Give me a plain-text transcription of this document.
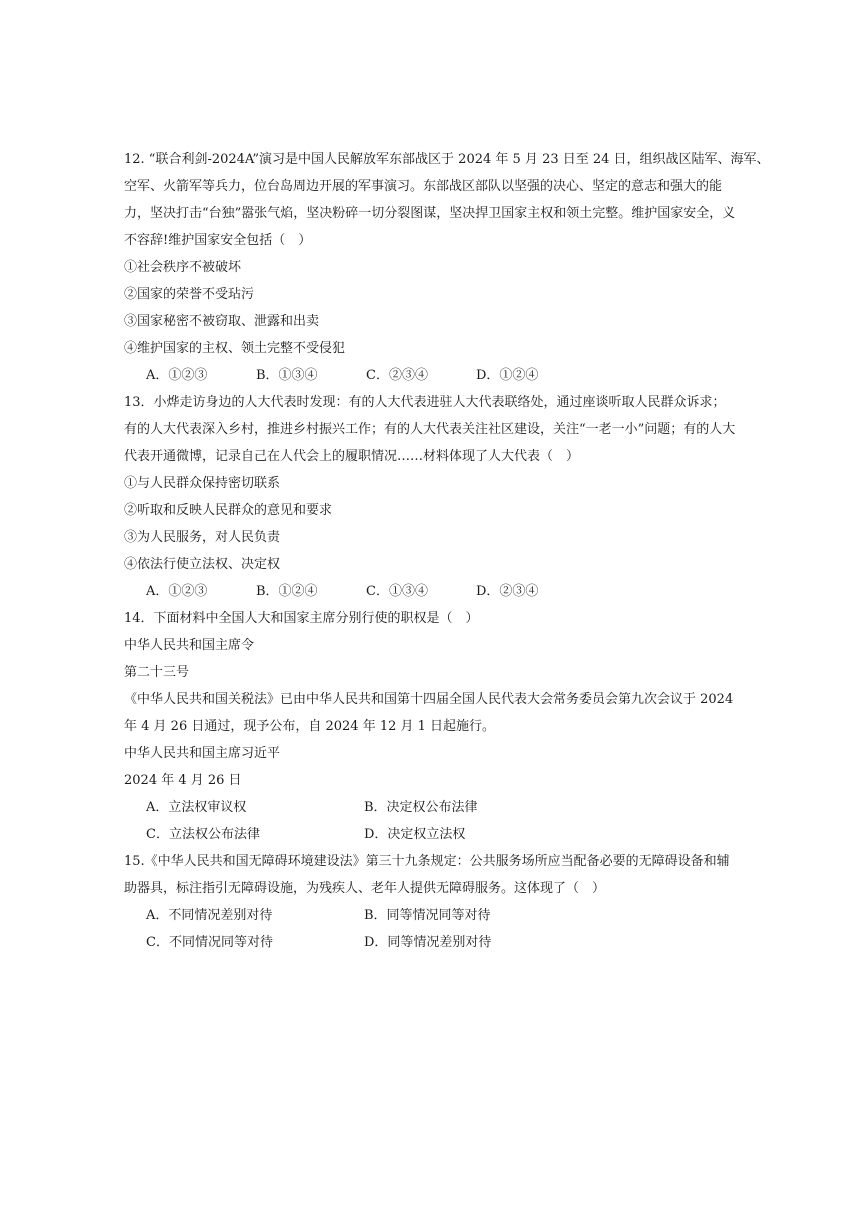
12. “联合利剑-2024A”演习是中国人民解放军东部战区于 2024 年 5 月 23 日至 24 日，组织战区陆军、海军、
空军、火箭军等兵力，位台岛周边开展的军事演习。东部战区部队以坚强的决心、坚定的意志和强大的能
力，坚决打击“台独”嚣张气焰，坚决粉碎一切分裂图谋，坚决捍卫国家主权和领土完整。维护国家安全，义
不容辞!维护国家安全包括（　）
①社会秩序不被破坏
②国家的荣誉不受玷污
③国家秘密不被窃取、泄露和出卖
④维护国家的主权、领土完整不受侵犯
A．①②③	B．①③④	C．②③④	D．①②④
13．小烨走访身边的人大代表时发现：有的人大代表进驻人大代表联络处，通过座谈听取人民群众诉求；
有的人大代表深入乡村，推进乡村振兴工作；有的人大代表关注社区建设，关注“一老一小”问题；有的人大
代表开通微博，记录自己在人代会上的履职情况……材料体现了人大代表（　）
①与人民群众保持密切联系
②听取和反映人民群众的意见和要求
③为人民服务，对人民负责
④依法行使立法权、决定权
A．①②③	B．①②④	C．①③④	D．②③④
14．下面材料中全国人大和国家主席分别行使的职权是（　）
中华人民共和国主席令
第二十三号
《中华人民共和国关税法》已由中华人民共和国第十四届全国人民代表大会常务委员会第九次会议于 2024
年 4 月 26 日通过，现予公布，自 2024 年 12 月 1 日起施行。
中华人民共和国主席习近平
2024 年 4 月 26 日
A．立法权审议权	B．决定权公布法律
C．立法权公布法律	D．决定权立法权
15.《中华人民共和国无障碍环境建设法》第三十九条规定：公共服务场所应当配备必要的无障碍设备和辅
助器具，标注指引无障碍设施，为残疾人、老年人提供无障碍服务。这体现了（　）
A．不同情况差别对待	B．同等情况同等对待
C．不同情况同等对待	D．同等情况差别对待
